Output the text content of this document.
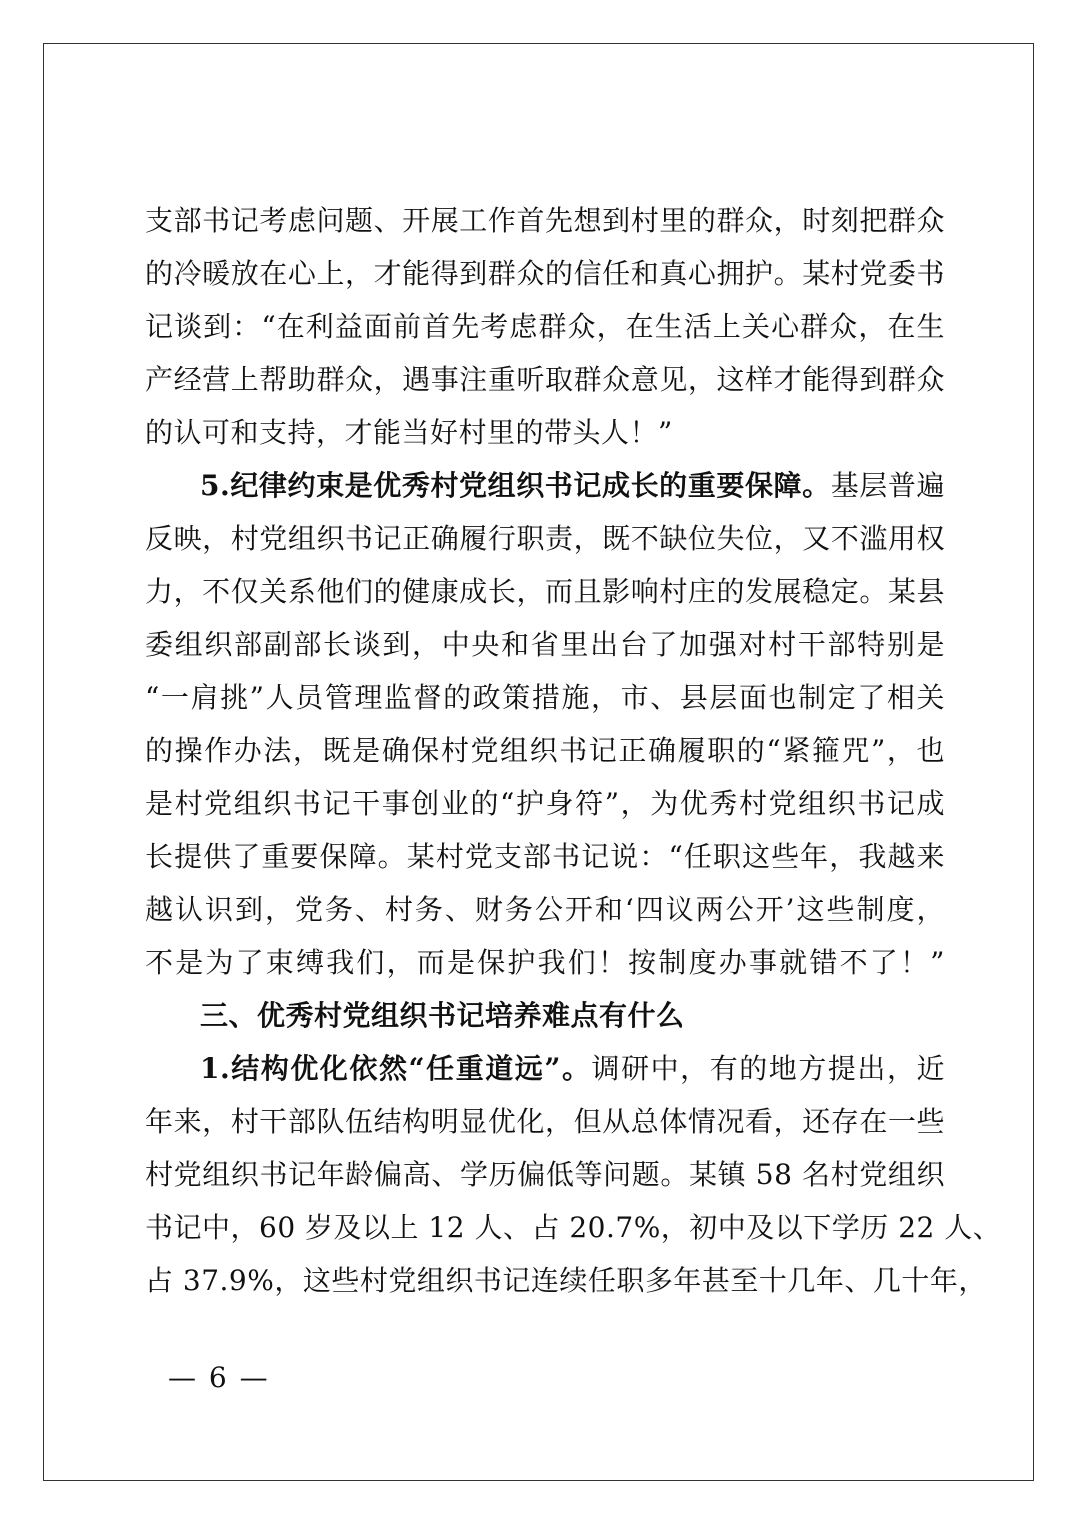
支部书记考虑问题、开展工作首先想到村里的群众，时刻把群众
的冷暖放在心上，才能得到群众的信任和真心拥护。某村党委书
记谈到：“在利益面前首先考虑群众，在生活上关心群众，在生
产经营上帮助群众，遇事注重听取群众意见，这样才能得到群众
的认可和支持，才能当好村里的带头人！”
5.纪律约束是优秀村党组织书记成长的重要保障。基层普遍
反映，村党组织书记正确履行职责，既不缺位失位，又不滥用权
力，不仅关系他们的健康成长，而且影响村庄的发展稳定。某县
委组织部副部长谈到，中央和省里出台了加强对村干部特别是
“一肩挑”人员管理监督的政策措施，市、县层面也制定了相关
的操作办法，既是确保村党组织书记正确履职的“紧箍咒”，也
是村党组织书记干事创业的“护身符”，为优秀村党组织书记成
长提供了重要保障。某村党支部书记说：“任职这些年，我越来
越认识到，党务、村务、财务公开和‘四议两公开’这些制度，
不是为了束缚我们，而是保护我们！按制度办事就错不了！”
三、优秀村党组织书记培养难点有什么
1.结构优化依然“任重道远”。调研中，有的地方提出，近
年来，村干部队伍结构明显优化，但从总体情况看，还存在一些
村党组织书记年龄偏高、学历偏低等问题。某镇 58 名村党组织
书记中，60 岁及以上 12 人、占 20.7%，初中及以下学历 22 人、
占 37.9%，这些村党组织书记连续任职多年甚至十几年、几十年，
— 6 —
